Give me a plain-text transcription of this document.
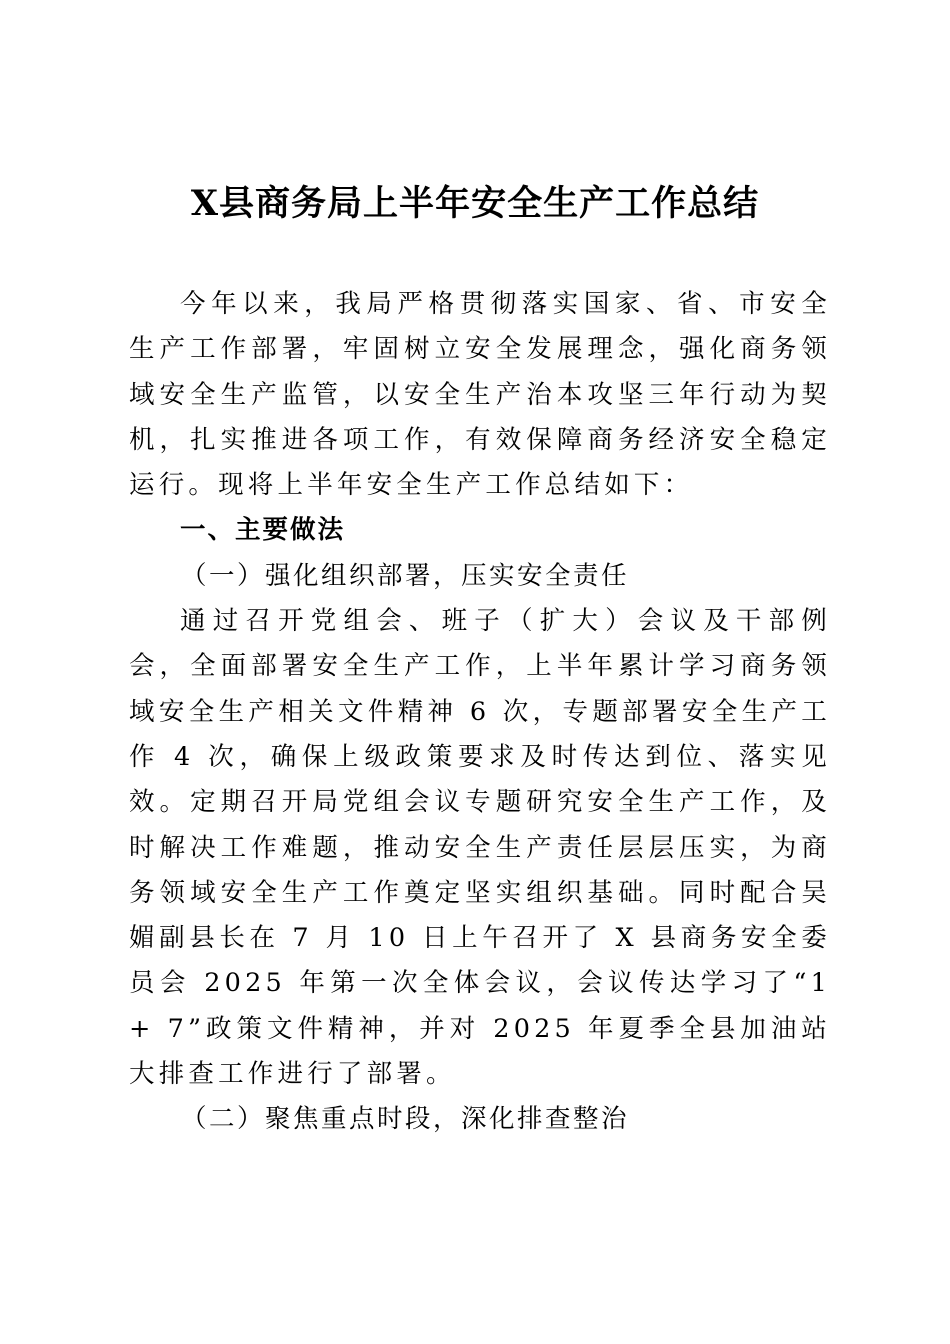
X县商务局上半年安全生产工作总结

今年以来，我局严格贯彻落实国家、省、市安全生产工作部署，牢固树立安全发展理念，强化商务领域安全生产监管，以安全生产治本攻坚三年行动为契机，扎实推进各项工作，有效保障商务经济安全稳定运行。现将上半年安全生产工作总结如下：

一、主要做法

（一）强化组织部署，压实安全责任

通过召开党组会、班子（扩大）会议及干部例会，全面部署安全生产工作，上半年累计学习商务领域安全生产相关文件精神 6 次，专题部署安全生产工作 4 次，确保上级政策要求及时传达到位、落实见效。定期召开局党组会议专题研究安全生产工作，及时解决工作难题，推动安全生产责任层层压实，为商务领域安全生产工作奠定坚实组织基础。同时配合吴媚副县长在 7 月 10 日上午召开了 X 县商务安全委员会 2025 年第一次全体会议，会议传达学习了“1 + 7”政策文件精神，并对 2025 年夏季全县加油站大排查工作进行了部署。

（二）聚焦重点时段，深化排查整治
